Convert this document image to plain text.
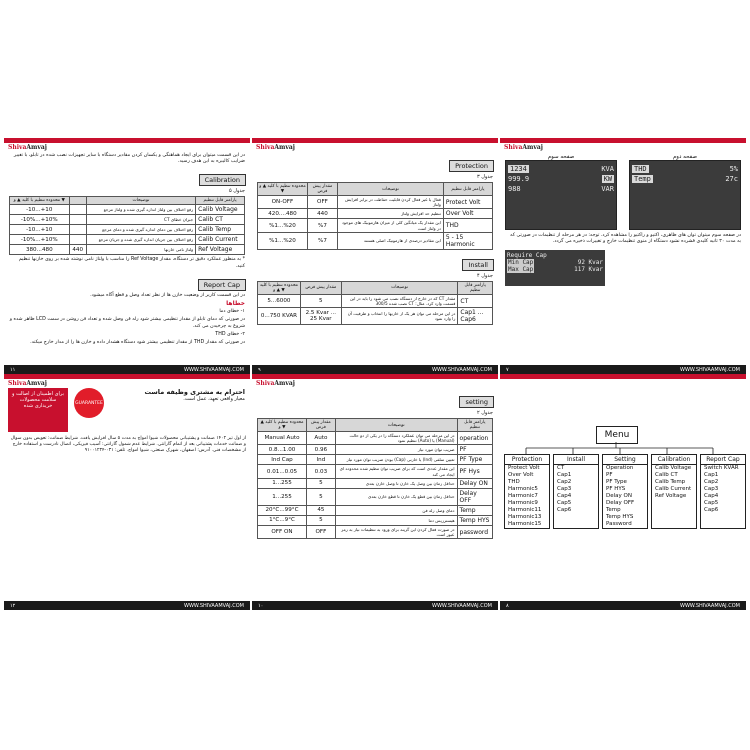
ShivaAmvaj
در این قسمت میتوان برای ایجاد هماهنگی و یکسان کردن مقادیر دستگاه با سایر تجهیزات نصب شده در تابلو، با تغییر ضرایب کالیبره به این هدف رسید.
Calibration
جدول ۵
محدوده تنظیم با کلید ▲ و ▼		توضیحات	پارامتر قابل تنظیم
-10...+10		رفع اختلاف بین ولتاژ اندازه گیری شده و ولتاژ مرجع	Calib Voltage
-10%...+10%		جبران خطای CT	Calib CT
-10...+10		رفع اختلاف بین دمای اندازه گیری شده و دمای مرجع	Calib Temp
-10%...+10%		رفع اختلاف بین جریان اندازه گیری شده و جریان مرجع	Calib Current
380...480	440	ولتاژ نامی خازنها	Ref Voltage
* به منظور عملکرد دقیق تر دستگاه، مقدار Ref Voltage را مناسب با ولتاژ نامی نوشته شده بر روی خازنها تنظیم کنید.
Report Cap
در این قسمت کاربر از وضعیت خازن ها از نظر تعداد وصل و قطع آگاه میشود.
خطاها
۱- خطای دما
در صورتی که دمای تابلو از مقدار تنظیمی بیشتر شود رله فن وصل شده و تعداد فن روشن در سمت LCD ظاهر شده و شروع به چرخیدن می کند.
۲- خطای THD
در صورتی که مقدار THD از مقدار تنظیمی بیشتر شود دستگاه هشدار داده و خازن ها را از مدار خارج میکند.
۱۱	WWW.SHIVAAMVAJ.COM
ShivaAmvaj
Protection
جدول ۳
محدوده تنظیم با کلید ▲ و ▼	مقدار پیش فرض	توضیحات	پارامتر قابل تنظیم
ON-OFF	OFF	فعال یا غیر فعال کردن قابلیت حفاظت در برابر افزایش ولتاژ	Protect Volt
420....480	440	تنظیم حد افزایش ولتاژ	Over Volt
%1...%20	%7	این مقدار یک میانگین کلی از میزان هارمونیک های موجود در ولتاژ است	THD
%1...%20	%7	این مقادیر درصدی از هارمونیک اصلی هستند	5 - 15 Harmonic
Install
جدول ۴
محدوده تنظیم با کلید ▲ و ▼	مقدار پیش فرض	توضیحات	پارامتر قابل تنظیم
5...6000	5	مقدار CT که در خارج از دستگاه نصب می شود را باید در این قسمت وارد کرد. مثال: CT نصب شده 300/5	CT
0...750 KVAR	2.5 Kvar ... 25 Kvar	در این مرحله می توان هر یک از خازنها را انتخاب و ظرفیت آن را وارد نمود	Cap1 ... Cap6
۹	WWW.SHIVAAMVAJ.COM
ShivaAmvaj
صفحه سوم
1234	KVA
999.9	KW
988	VAR
صفحه دوم
THD	5%
Temp	27c
در صفحه سوم میتوان توان های ظاهری، اکتیو و راکتیو را مشاهده کرد. توجه: در هر مرحله از تنظیمات در صورتی که به مدت ۳۰ ثانیه کلیدی فشرده نشود دستگاه از منوی تنظیمات خارج و تغییرات ذخیره می گردد.
Require Cap
Min Cap	92 Kvar
Max Cap	117 Kvar
۷	WWW.SHIVAAMVAJ.COM
ShivaAmvaj
برای اطمینان از اصالت و سلامت محصولات خریداری شده	GUARANTEE
احترام به مشتری وظیفه ماست
معیار واقعی تعهد، عمل است.
از اول تیر ۱۴۰۲ ضمانت و پشتیبانی محصولات شیوا امواج به مدت ۵ سال افزایش یافت. شرایط ضمانت: تعویض بدون سوال و ضمانت خدمات پشتیبانی بعد از اتمام گارانتی. شرایط عدم شمول گارانتی: آسیب فیزیکی، اتصال نادرست و استفاده خارج از مشخصات فنی. آدرس: اصفهان، شهرک صنعتی، شیوا امواج. تلفن: ۰۳۱-۹۱۰۰۱۲۳۴
۱۲	WWW.SHIVAAMVAJ.COM
ShivaAmvaj
setting
جدول ۲
محدوده تنظیم با کلید ▲ و ▼	مقدار پیش فرض	توضیحات	پارامتر قابل تنظیم
Manual Auto	Auto	در این مرحله می توان عملکرد دستگاه را در یکی از دو حالت (Manual) یا (Auto) تنظیم نمود	operation
0.8...1.00	0.96	ضریب توان مورد نیاز	PF
Ind Cap	Ind	تعیین سلفی (Ind) یا خازنی (Cap) بودن ضریب توان مورد نیاز	PF Type
0.01...0.05	0.03	این مقدار عددی است که برای ضریب توان تنظیم شده محدوده ای ایجاد می کند	PF Hys
1...255	5	حداقل زمان بین وصل یک خازن تا وصل خازن بعدی	Delay ON
1...255	5	حداقل زمان بین قطع یک خازن تا قطع خازن بعدی	Delay OFF
20°C...99°C	45	دمای وصل رله فن	Temp
1°C...9°C	5	هیسترزیس دما	Temp HYS
OFF ON	OFF	در صورت فعال کردن این گزینه برای ورود به تنظیمات نیاز به رمز عبور است	password
۱۰	WWW.SHIVAAMVAJ.COM
Menu
Protection
Protect Volt
Over Volt
THD
Harmonic5
Harmonic7
Harmonic9
Harmonic11
Harmonic13
Harmonic15
Install
CT
Cap1
Cap2
Cap3
Cap4
Cap5
Cap6
Setting
Operation
PF
PF Type
PF HYS
Delay ON
Delay OFF
Temp
Temp HYS
Password
Calibration
Calib Voltage
Calib CT
Calib Temp
Calib Current
Ref Voltage
Report Cap
Switch KVAR
Cap1
Cap2
Cap3
Cap4
Cap5
Cap6
۸	WWW.SHIVAAMVAJ.COM
